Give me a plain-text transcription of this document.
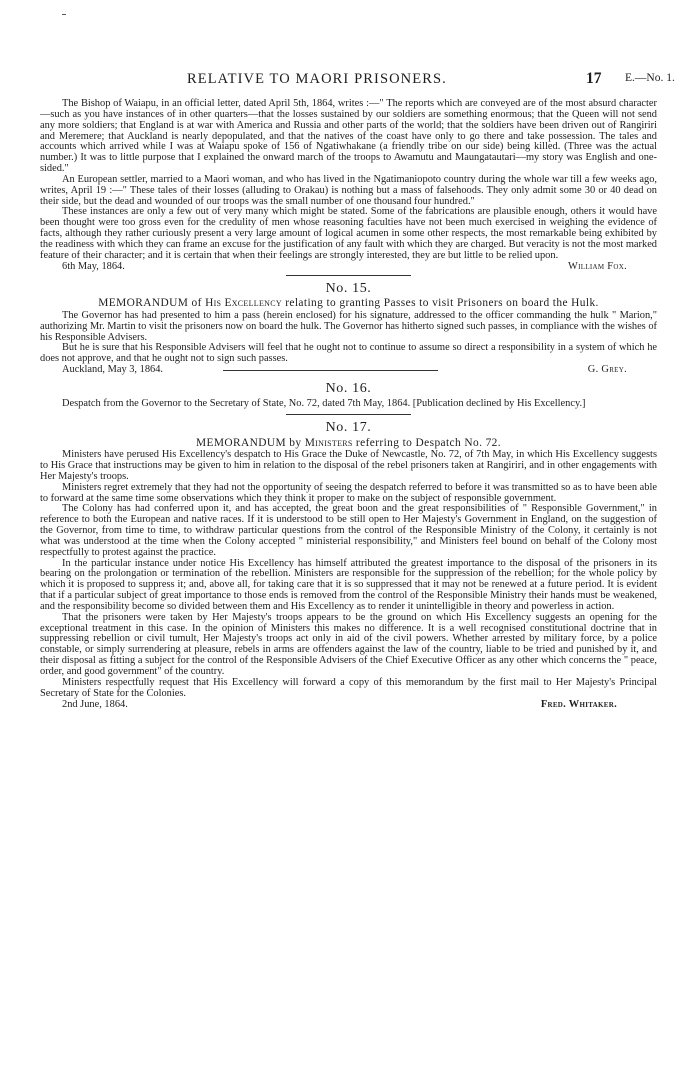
RELATIVE TO MAORI PRISONERS.	17 E.—No. 1.

The Bishop of Waiapu, in an official letter, dated April 5th, 1864, writes :—" The reports which are conveyed are of the most absurd character—such as you have instances of in other quarters—that the losses sustained by our soldiers are something enormous; that the Queen will not send any more soldiers; that England is at war with America and Russia and other parts of the world; that the soldiers have been driven out of Rangiriri and Meremere; that Auckland is nearly depopulated, and that the natives of the coast have only to go there and take possession. The tales and accounts which arrived while I was at Waiapu spoke of 156 of Ngatiwhakane (a friendly tribe on our side) being killed. (Three was the actual number.) It was to little purpose that I explained the onward march of the troops to Awamutu and Maungatautari—my story was English and one-sided."

An European settler, married to a Maori woman, and who has lived in the Ngatimaniopoto country during the whole war till a few weeks ago, writes, April 19 :—" These tales of their losses (alluding to Orakau) is nothing but a mass of falsehoods. They only admit some 30 or 40 dead on their side, but the dead and wounded of our troops was the small number of one thousand four hundred."

These instances are only a few out of very many which might be stated. Some of the fabrications are plausible enough, others it would have been thought were too gross even for the credulity of men whose reasoning faculties have not been much exercised in weighing the evidence of facts, although they rather curiously present a very large amount of logical acumen in some other respects, the most remarkable being exhibited by the readiness with which they can frame an excuse for the justification of any fault with which they are charged. But veracity is not the most marked feature of their character; and it is certain that when their feelings are strongly interested, they are but little to be relied upon.

6th May, 1864.	William Fox.
No. 15.
MEMORANDUM of His Excellency relating to granting Passes to visit Prisoners on board the Hulk.

The Governor has had presented to him a pass (herein enclosed) for his signature, addressed to the officer commanding the hulk " Marion," authorizing Mr. Martin to visit the prisoners now on board the hulk. The Governor has hitherto signed such passes, in compliance with the wishes of his Responsible Advisers.

But he is sure that his Responsible Advisers will feel that he ought not to continue to assume so direct a responsibility in a system of which he does not approve, and that he ought not to sign such passes.

Auckland, May 3, 1864.	G. Grey.
No. 16.

Despatch from the Governor to the Secretary of State, No. 72, dated 7th May, 1864. [Publication declined by His Excellency.]

No. 17.
MEMORANDUM by Ministers referring to Despatch No. 72.

Ministers have perused His Excellency's despatch to His Grace the Duke of Newcastle, No. 72, of 7th May, in which His Excellency suggests to His Grace that instructions may be given to him in relation to the disposal of the rebel prisoners taken at Rangiriri, and in other engagements with Her Majesty's troops.

Ministers regret extremely that they had not the opportunity of seeing the despatch referred to before it was transmitted so as to have been able to forward at the same time some observations which they think it proper to make on the subject of responsible government.

The Colony has had conferred upon it, and has accepted, the great boon and the great responsibilities of " Responsible Government," in reference to both the European and native races. If it is understood to be still open to Her Majesty's Government in England, on the suggestion of the Governor, from time to time, to withdraw particular questions from the control of the Responsible Ministry of the Colony, it certainly is not what was understood at the time when the Colony accepted " ministerial responsibility," and Ministers feel bound on behalf of the Colony most respectfully to protest against the practice.

In the particular instance under notice His Excellency has himself attributed the greatest importance to the disposal of the prisoners in its bearing on the prolongation or termination of the rebellion. Ministers are responsible for the suppression of the rebellion; for the whole policy by which it is proposed to suppress it; and, above all, for taking care that it is so suppressed that it may not be renewed at a future period. It is evident that if a particular subject of great importance to those ends is removed from the control of the Responsible Ministry their hands must be weakened, and the responsibility become so divided between them and His Excellency as to render it unintelligible in theory and powerless in action.

That the prisoners were taken by Her Majesty's troops appears to be the ground on which His Excellency suggests an opening for the exceptional treatment in this case. In the opinion of Ministers this makes no difference. It is a well recognised constitutional doctrine that in suppressing rebellion or civil tumult, Her Majesty's troops act only in aid of the civil powers. Whether arrested by military force, by a police constable, or simply surrendering at pleasure, rebels in arms are offenders against the law of the country, liable to be tried and punished by it, and their disposal as fitting a subject for the control of the Responsible Advisers of the Chief Executive Officer as any other which concerns the " peace, order, and good government" of the country.

Ministers respectfully request that His Excellency will forward a copy of this memorandum by the first mail to Her Majesty's Principal Secretary of State for the Colonies.

2nd June, 1864.	Fred. Whitaker.
